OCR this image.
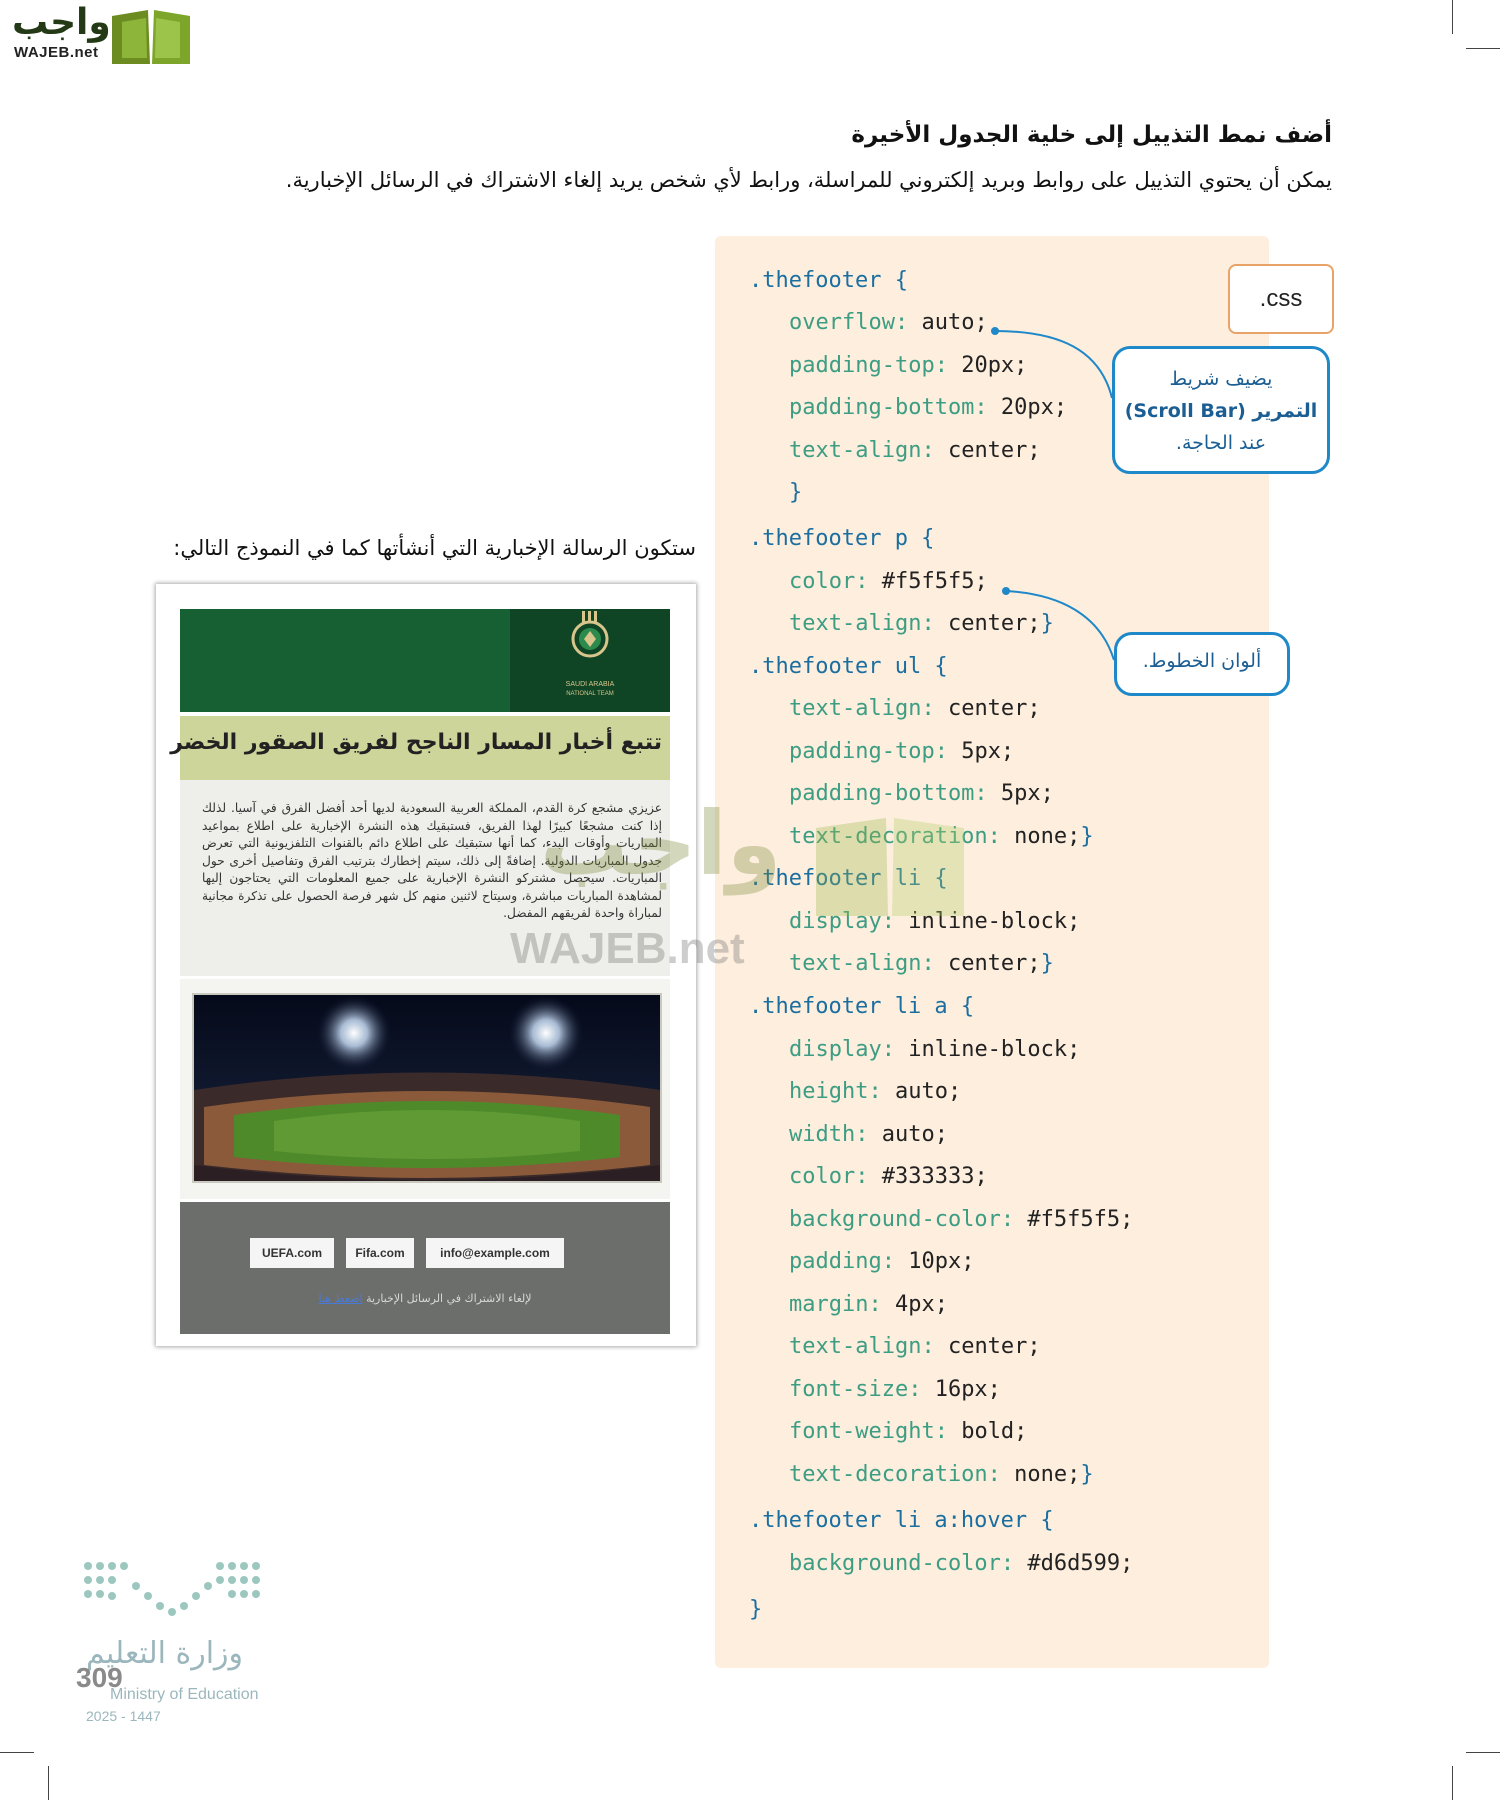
واجب
WAJEB.net
أضف نمط التذييل إلى خلية الجدول الأخيرة
يمكن أن يحتوي التذييل على روابط وبريد إلكتروني للمراسلة، ورابط لأي شخص يريد إلغاء الاشتراك في الرسائل الإخبارية.

.thefooter {

overflow: auto;

padding-top: 20px;

padding-bottom: 20px;

text-align: center;

}

.thefooter p {

color: #f5f5f5;

text-align: center;}

.thefooter ul {

text-align: center;

padding-top: 5px;

padding-bottom: 5px;

text-decoration: none;}

.thefooter li {

display: inline-block;

text-align: center;}

.thefooter li a {

display: inline-block;

height: auto;

width: auto;

color: #333333;

background-color: #f5f5f5;

padding: 10px;

margin: 4px;

text-align: center;

font-size: 16px;

font-weight: bold;

text-decoration: none;}

.thefooter li a:hover {

background-color: #d6d599;

}

.css
يضيف شريط
التمرير (Scroll Bar)
عند الحاجة.
ألوان الخطوط.
ستكون الرسالة الإخبارية التي أنشأتها كما في النموذج التالي:
SAUDI ARABIA
NATIONAL TEAM
تتبع أخبار المسار الناجح لفريق الصقور الخضر
عزيزي مشجع كرة القدم، المملكة العربية السعودية لديها أحد أفضل الفرق في آسيا. لذلك إذا كنت مشجعًا كبيرًا لهذا الفريق، فستبقيك هذه النشرة الإخبارية على اطلاع بمواعيد المباريات وأوقات البدء، كما أنها ستبقيك على اطلاع دائم بالقنوات التلفزيونية التي تعرض جدول المباريات الدولية. إضافةً إلى ذلك، سيتم إخطارك بترتيب الفرق وتفاصيل أخرى حول المباريات. سيحصل مشتركو النشرة الإخبارية على جميع المعلومات التي يحتاجون إليها لمشاهدة المباريات مباشرة، وسيتاح لاثنين منهم كل شهر فرصة الحصول على تذكرة مجانية لمباراة واحدة لفريقهم المفضل.
UEFA.com	Fifa.com	info@example.com
لإلغاء الاشتراك في الرسائل الإخبارية اضغط هنا
واجب
WAJEB.net
وزارة التعليم
Ministry of Education
2025 - 1447
309
